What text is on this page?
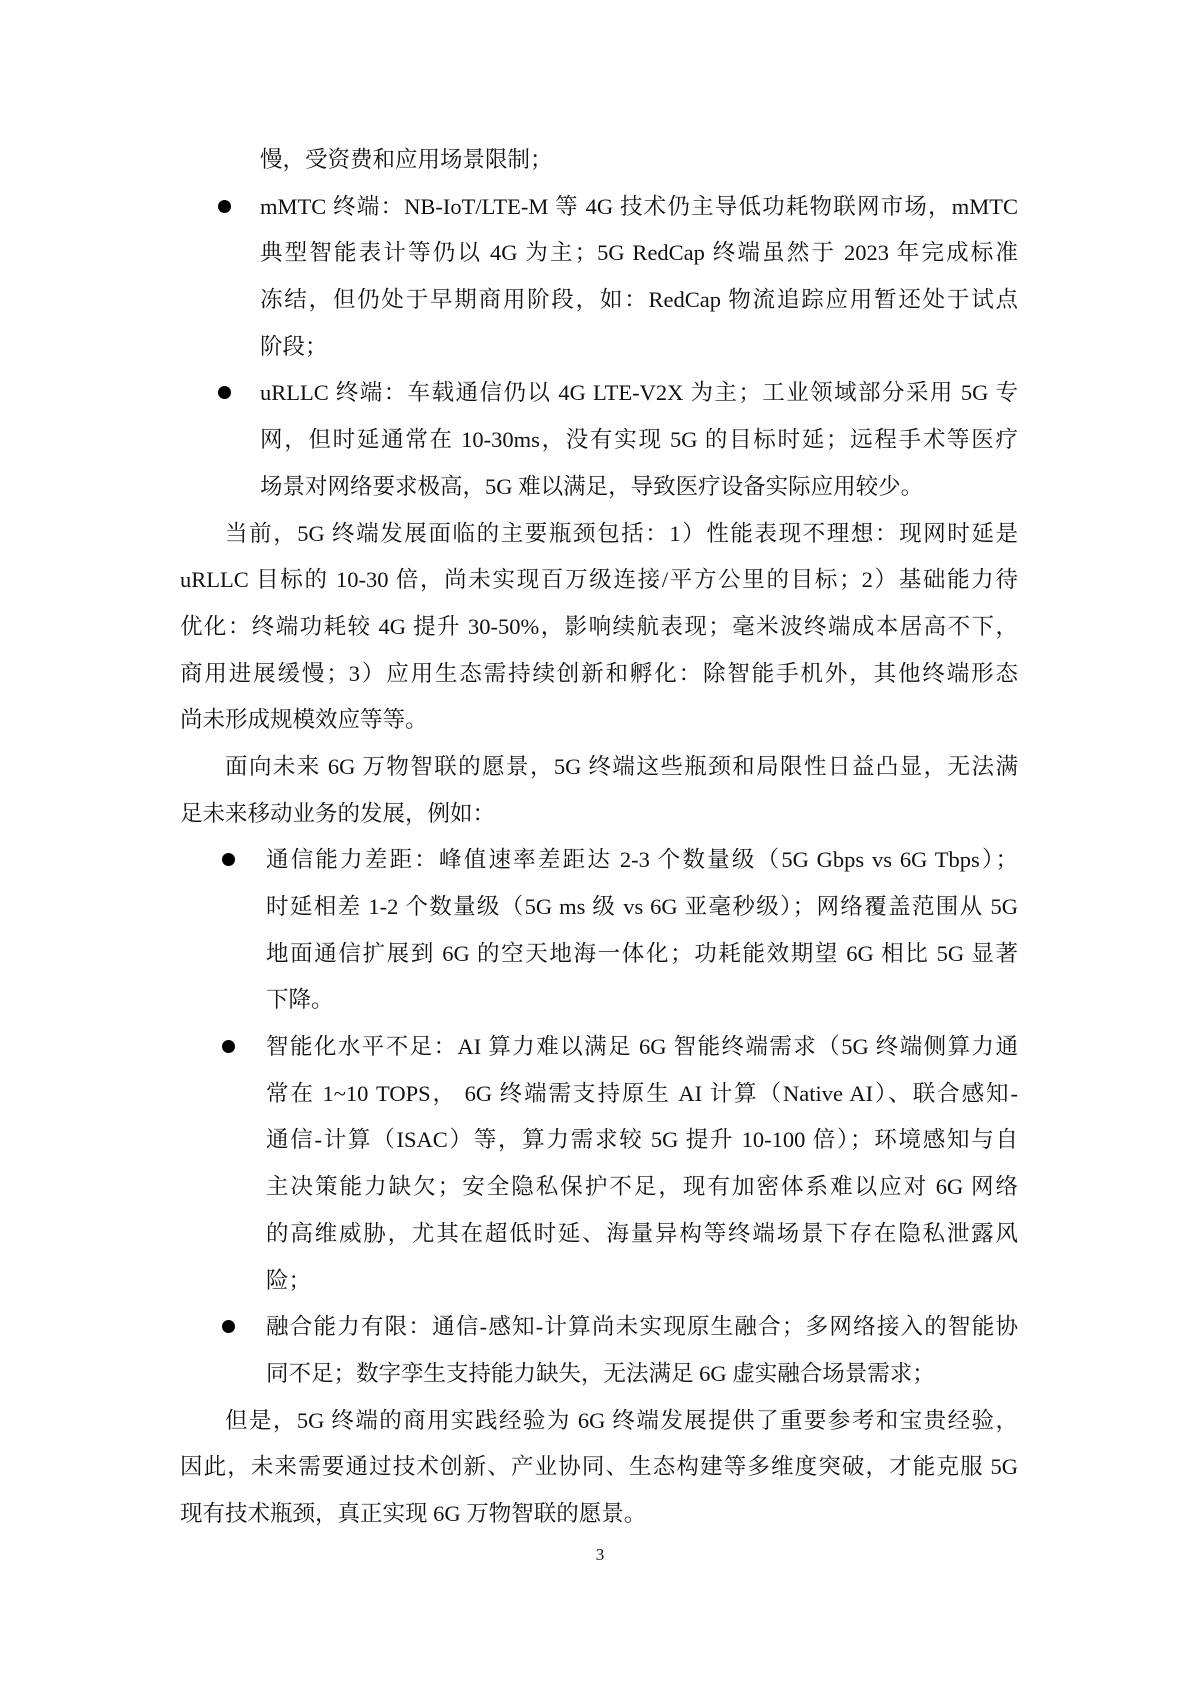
慢，受资费和应用场景限制；
mMTC 终端：NB-IoT/LTE-M 等 4G 技术仍主导低功耗物联网市场，mMTC
典型智能表计等仍以 4G 为主；5G RedCap 终端虽然于 2023 年完成标准
冻结，但仍处于早期商用阶段，如：RedCap 物流追踪应用暂还处于试点
阶段；
uRLLC 终端：车载通信仍以 4G LTE-V2X 为主；工业领域部分采用 5G 专
网，但时延通常在 10-30ms，没有实现 5G 的目标时延；远程手术等医疗
场景对网络要求极高，5G 难以满足，导致医疗设备实际应用较少。
当前，5G 终端发展面临的主要瓶颈包括：1）性能表现不理想：现网时延是
uRLLC 目标的 10-30 倍，尚未实现百万级连接/平方公里的目标；2）基础能力待
优化：终端功耗较 4G 提升 30-50%，影响续航表现；毫米波终端成本居高不下，
商用进展缓慢；3）应用生态需持续创新和孵化：除智能手机外，其他终端形态
尚未形成规模效应等等。
面向未来 6G 万物智联的愿景，5G 终端这些瓶颈和局限性日益凸显，无法满
足未来移动业务的发展，例如：
通信能力差距：峰值速率差距达 2-3 个数量级（5G Gbps vs 6G Tbps）；
时延相差 1-2 个数量级（5G ms 级 vs 6G 亚毫秒级）；网络覆盖范围从 5G
地面通信扩展到 6G 的空天地海一体化；功耗能效期望 6G 相比 5G 显著
下降。
智能化水平不足：AI 算力难以满足 6G 智能终端需求（5G 终端侧算力通
常在 1~10 TOPS， 6G 终端需支持原生 AI 计算（Native AI）、联合感知-
通信-计算（ISAC）等，算力需求较 5G 提升 10-100 倍）；环境感知与自
主决策能力缺欠；安全隐私保护不足，现有加密体系难以应对 6G 网络
的高维威胁，尤其在超低时延、海量异构等终端场景下存在隐私泄露风
险；
融合能力有限：通信-感知-计算尚未实现原生融合；多网络接入的智能协
同不足；数字孪生支持能力缺失，无法满足 6G 虚实融合场景需求；
但是，5G 终端的商用实践经验为 6G 终端发展提供了重要参考和宝贵经验，
因此，未来需要通过技术创新、产业协同、生态构建等多维度突破，才能克服 5G
现有技术瓶颈，真正实现 6G 万物智联的愿景。
3
